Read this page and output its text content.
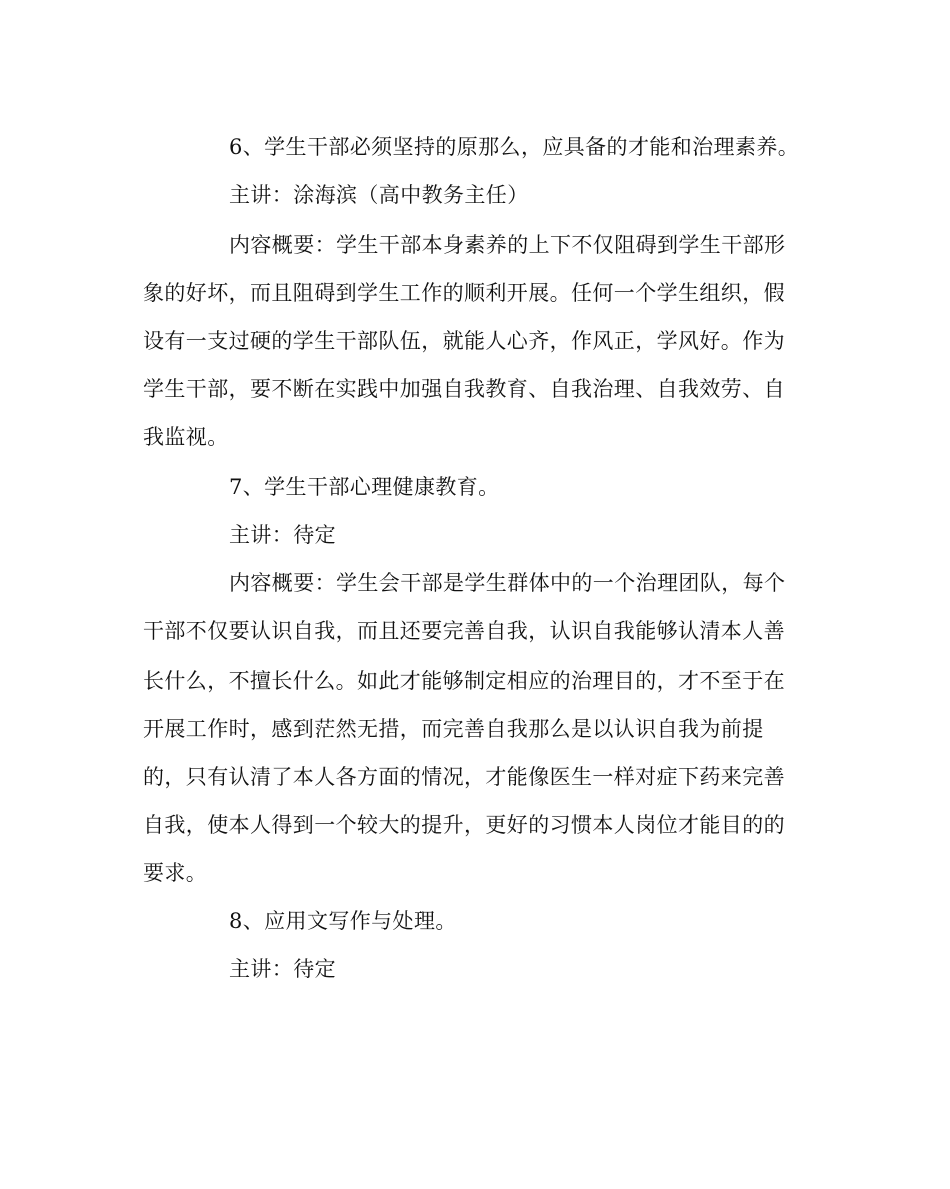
6、学生干部必须坚持的原那么，应具备的才能和治理素养。
主讲：涂海滨（高中教务主任）
内容概要：学生干部本身素养的上下不仅阻碍到学生干部形
象的好坏，而且阻碍到学生工作的顺利开展。任何一个学生组织，假
设有一支过硬的学生干部队伍，就能人心齐，作风正，学风好。作为
学生干部，要不断在实践中加强自我教育、自我治理、自我效劳、自
我监视。
7、学生干部心理健康教育。
主讲：待定
内容概要：学生会干部是学生群体中的一个治理团队，每个
干部不仅要认识自我，而且还要完善自我，认识自我能够认清本人善
长什么，不擅长什么。如此才能够制定相应的治理目的，才不至于在
开展工作时，感到茫然无措，而完善自我那么是以认识自我为前提
的，只有认清了本人各方面的情况，才能像医生一样对症下药来完善
自我，使本人得到一个较大的提升，更好的习惯本人岗位才能目的的
要求。
8、应用文写作与处理。
主讲：待定
